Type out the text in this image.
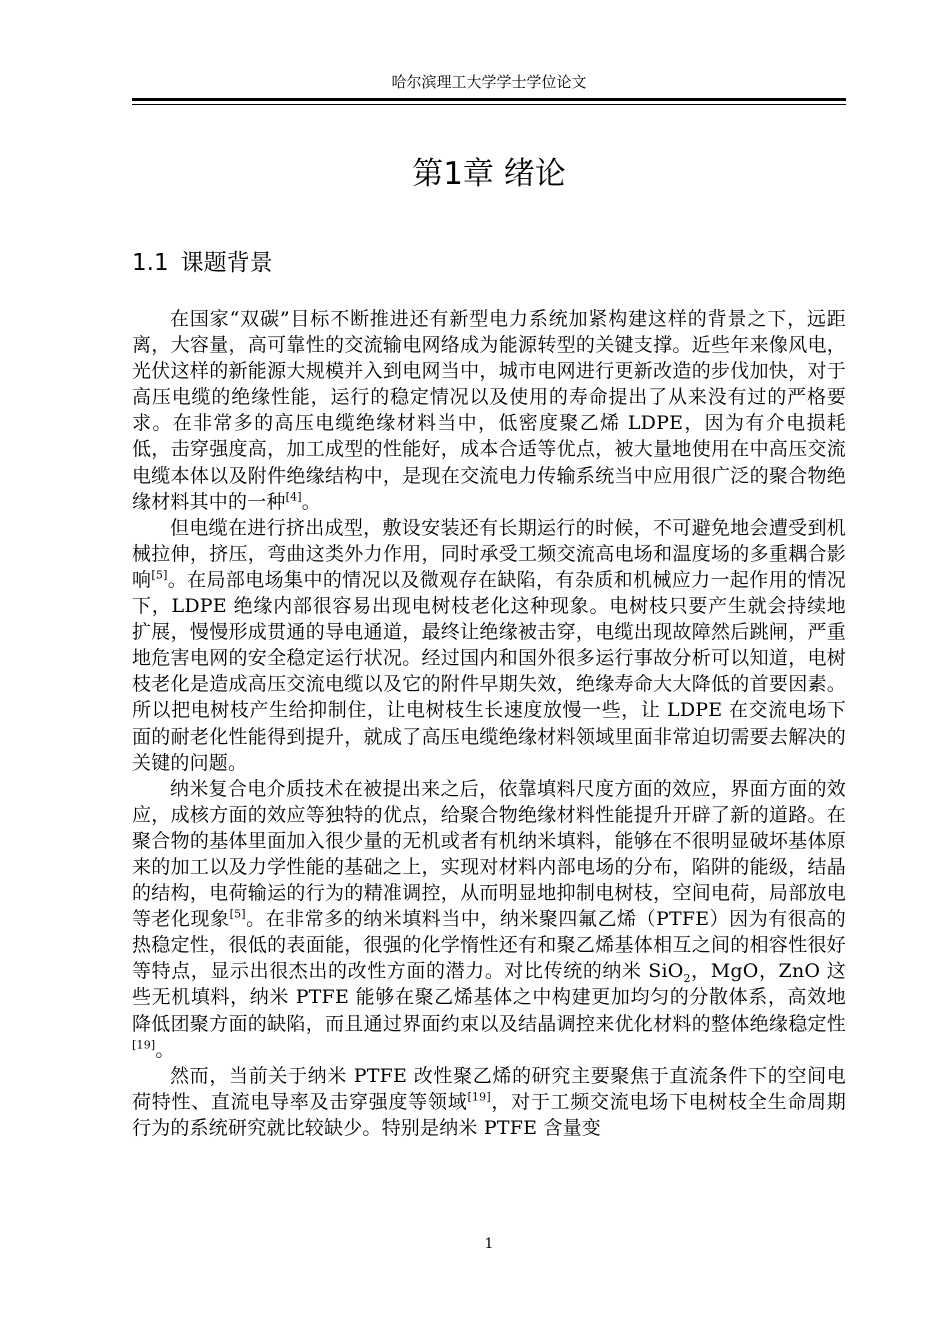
哈尔滨理工大学学士学位论文
第1章 绪论
1.1 课题背景

在国家“双碳”目标不断推进还有新型电力系统加紧构建这样的背景之下，远距离，大容量，高可靠性的交流输电网络成为能源转型的关键支撑。近些年来像风电，光伏这样的新能源大规模并入到电网当中，城市电网进行更新改造的步伐加快，对于高压电缆的绝缘性能，运行的稳定情况以及使用的寿命提出了从来没有过的严格要求。在非常多的高压电缆绝缘材料当中，低密度聚乙烯 LDPE，因为有介电损耗低，击穿强度高，加工成型的性能好，成本合适等优点，被大量地使用在中高压交流电缆本体以及附件绝缘结构中，是现在交流电力传输系统当中应用很广泛的聚合物绝缘材料其中的一种[4]。

但电缆在进行挤出成型，敷设安装还有长期运行的时候，不可避免地会遭受到机械拉伸，挤压，弯曲这类外力作用，同时承受工频交流高电场和温度场的多重耦合影响[5]。在局部电场集中的情况以及微观存在缺陷，有杂质和机械应力一起作用的情况下，LDPE 绝缘内部很容易出现电树枝老化这种现象。电树枝只要产生就会持续地扩展，慢慢形成贯通的导电通道，最终让绝缘被击穿，电缆出现故障然后跳闸，严重地危害电网的安全稳定运行状况。经过国内和国外很多运行事故分析可以知道，电树枝老化是造成高压交流电缆以及它的附件早期失效，绝缘寿命大大降低的首要因素。所以把电树枝产生给抑制住，让电树枝生长速度放慢一些，让 LDPE 在交流电场下面的耐老化性能得到提升，就成了高压电缆绝缘材料领域里面非常迫切需要去解决的关键的问题。

纳米复合电介质技术在被提出来之后，依靠填料尺度方面的效应，界面方面的效应，成核方面的效应等独特的优点，给聚合物绝缘材料性能提升开辟了新的道路。在聚合物的基体里面加入很少量的无机或者有机纳米填料，能够在不很明显破坏基体原来的加工以及力学性能的基础之上，实现对材料内部电场的分布，陷阱的能级，结晶的结构，电荷输运的行为的精准调控，从而明显地抑制电树枝，空间电荷，局部放电等老化现象[5]。在非常多的纳米填料当中，纳米聚四氟乙烯（PTFE）因为有很高的热稳定性，很低的表面能，很强的化学惰性还有和聚乙烯基体相互之间的相容性很好等特点，显示出很杰出的改性方面的潜力。对比传统的纳米 SiO$_2$，MgO，ZnO 这些无机填料，纳米 PTFE 能够在聚乙烯基体之中构建更加均匀的分散体系，高效地降低团聚方面的缺陷，而且通过界面约束以及结晶调控来优化材料的整体绝缘稳定性[19]。

然而，当前关于纳米 PTFE 改性聚乙烯的研究主要聚焦于直流条件下的空间电荷特性、直流电导率及击穿强度等领域[19]，对于工频交流电场下电树枝全生命周期行为的系统研究就比较缺少。特别是纳米 PTFE 含量变

1
